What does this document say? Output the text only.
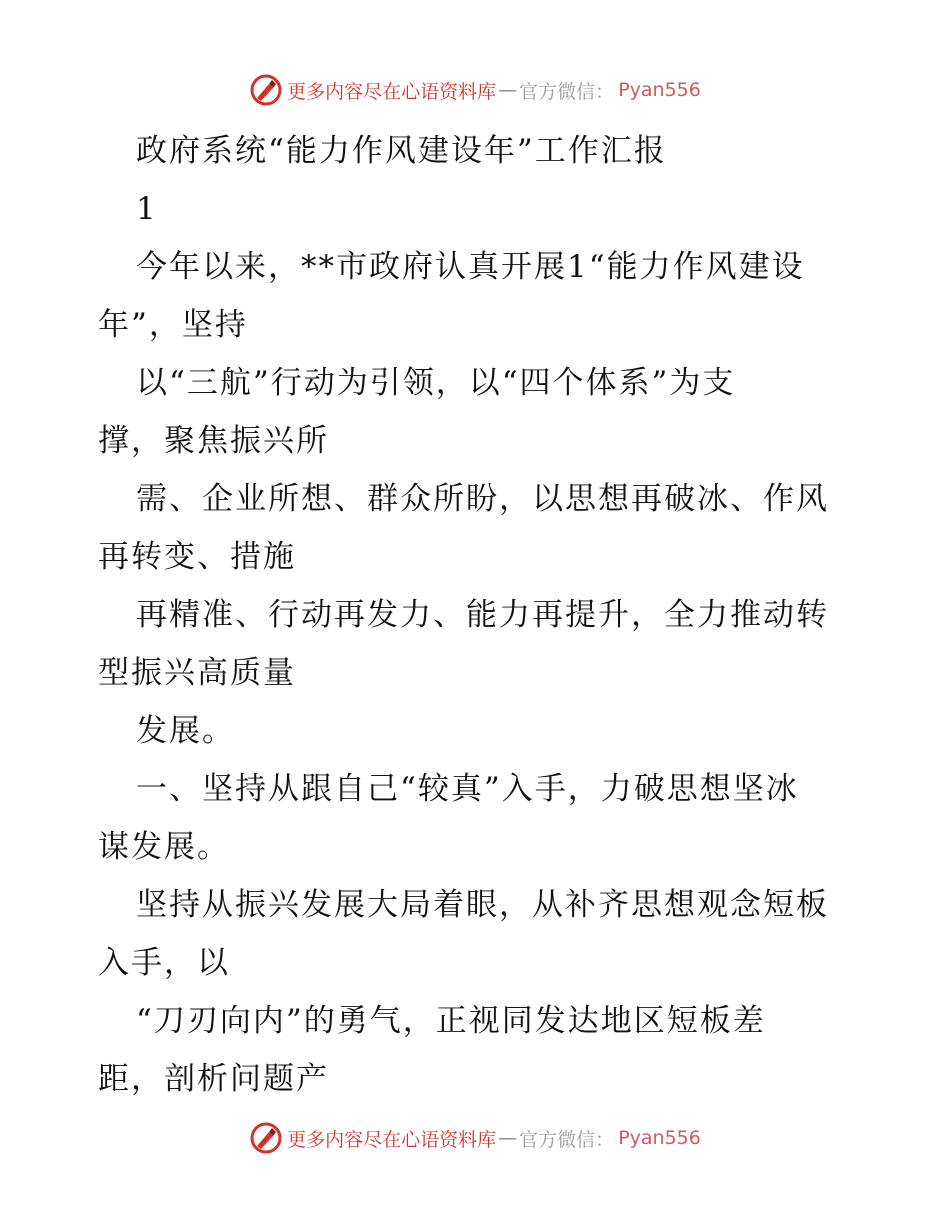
更多内容尽在心语资料库 — 官方微信： Pyan556
政府系统“能力作风建设年”工作汇报
1
今年以来，**市政府认真开展1“能力作风建设
年”，坚持
以“三航”行动为引领，以“四个体系”为支
撑，聚焦振兴所
需、企业所想、群众所盼，以思想再破冰、作风
再转变、措施
再精准、行动再发力、能力再提升，全力推动转
型振兴高质量
发展。
一、坚持从跟自己“较真”入手，力破思想坚冰
谋发展。
坚持从振兴发展大局着眼，从补齐思想观念短板
入手，以
“刀刃向内”的勇气，正视同发达地区短板差
距，剖析问题产
更多内容尽在心语资料库 — 官方微信： Pyan556
